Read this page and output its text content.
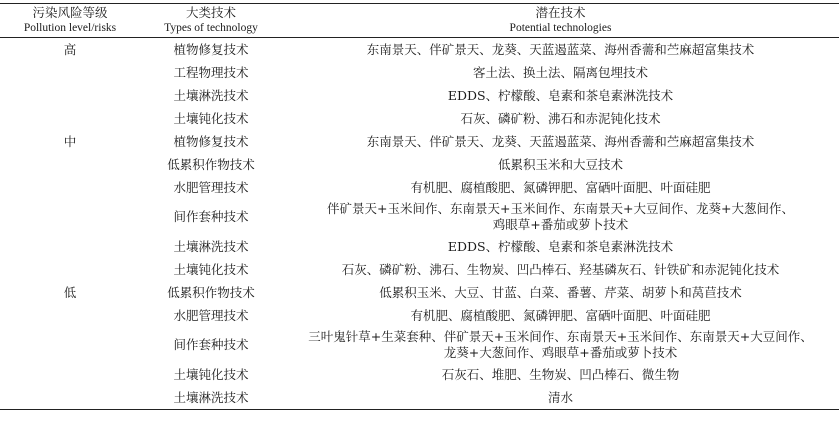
污染风险等级	大类技术	潜在技术

Pollution level/risks	Types of technology	Potential technologies

高	植物修复技术	东南景天、伴矿景天、龙葵、天蓝遏蓝菜、海州香薷和苎麻超富集技术
	工程物理技术	客土法、换土法、隔离包埋技术
	土壤淋洗技术	EDDS、柠檬酸、皂素和茶皂素淋洗技术
	土壤钝化技术	石灰、磷矿粉、沸石和赤泥钝化技术
中	植物修复技术	东南景天、伴矿景天、龙葵、天蓝遏蓝菜、海州香薷和苎麻超富集技术
	低累积作物技术	低累积玉米和大豆技术
	水肥管理技术	有机肥、腐植酸肥、氮磷钾肥、富硒叶面肥、叶面硅肥
	间作套种技术	伴矿景天+玉米间作、东南景天+玉米间作、东南景天+大豆间作、龙葵+大葱间作、
鸡眼草+番茄或萝卜技术
	土壤淋洗技术	EDDS、柠檬酸、皂素和茶皂素淋洗技术
	土壤钝化技术	石灰、磷矿粉、沸石、生物炭、凹凸棒石、羟基磷灰石、针铁矿和赤泥钝化技术
低	低累积作物技术	低累积玉米、大豆、甘蓝、白菜、番薯、芹菜、胡萝卜和莴苣技术
	水肥管理技术	有机肥、腐植酸肥、氮磷钾肥、富硒叶面肥、叶面硅肥
	间作套种技术	三叶鬼针草+生菜套种、伴矿景天+玉米间作、东南景天+玉米间作、东南景天+大豆间作、
龙葵+大葱间作、鸡眼草+番茄或萝卜技术
	土壤钝化技术	石灰石、堆肥、生物炭、凹凸棒石、微生物
	土壤淋洗技术	清水
